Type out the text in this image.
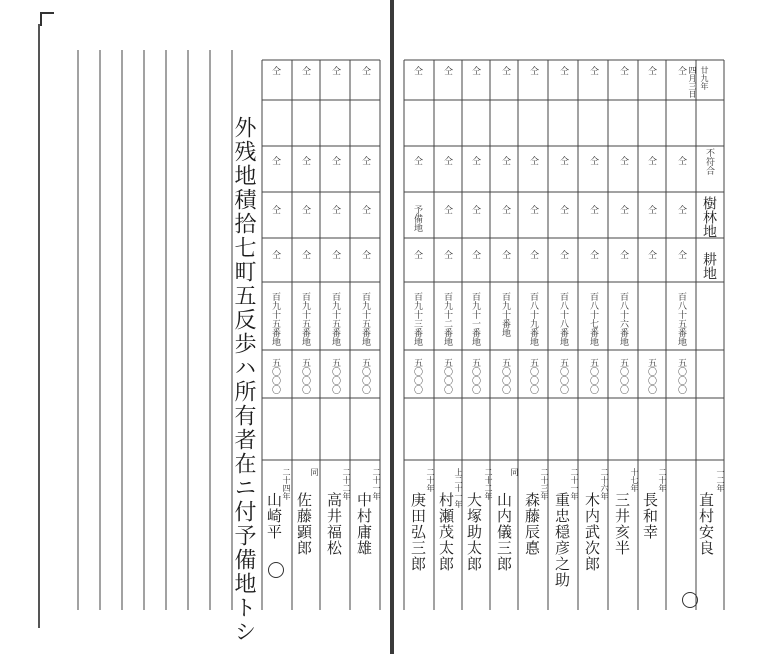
廿九年
四月三日
不符合
樹林地
耕地
予備地
仝 仝 仝 仝 仝 仝 仝 仝 仝 仝
仝 仝 仝 仝 仝 仝 仝 仝 仝 仝
仝 仝 仝 仝 仝 仝 仝 仝 仝
仝 仝 仝 仝 仝 仝 仝 仝 仝 仝
百九十三番地 百九十二番地 百九十一番地 百九十番地 百八十九番地 百八十八番地 百八十七番地 百八十六番地	百八十五番地
五〇〇〇 五〇〇〇 五〇〇〇 五〇〇〇 五〇〇〇 五〇〇〇 五〇〇〇 五〇〇〇 五〇〇〇 五〇〇〇
二十年
庚田弘三郎
二十二年
大塚助太郎
上二十一年
村瀬茂太郎
同
山内儀三郎
二十三年
森藤辰悳
二十一年
重忠穏彦之助
二十六年
木内武次郎
十七年
三井亥半
二十年
長和幸
一二年
直村安良
外残地積拾七町五反歩ハ所有者在ニ付予備地トシ
仝 仝 仝 仝
仝 仝 仝 仝
仝 仝 仝 仝
仝 仝 仝 仝
百九十五番地 百九十五番地 百九十五番地 百九十五番地
五〇〇〇 五〇〇〇 五〇〇〇 五〇〇〇
二十一年
中村庸雄
二十二年
高井福松
同
佐藤顕郎
二十四年
山崎平
